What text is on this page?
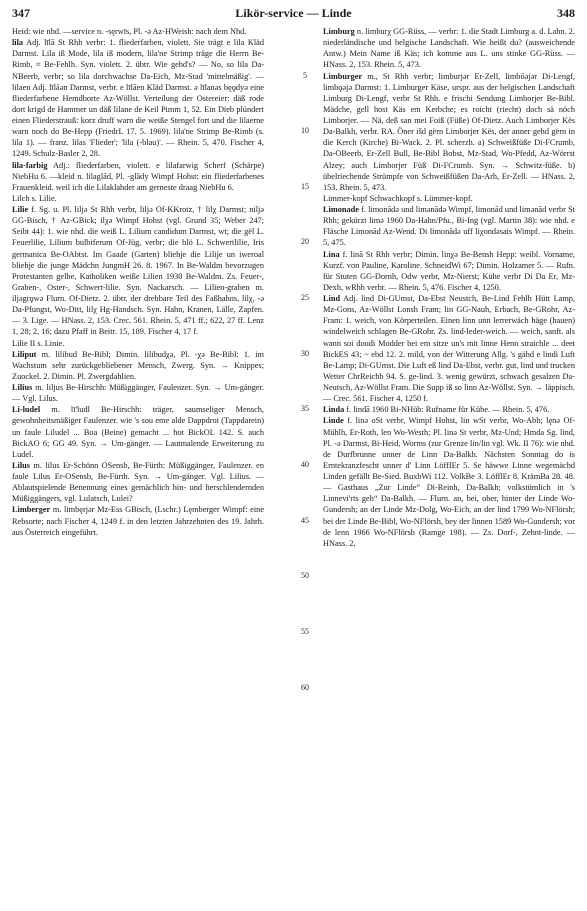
347	Likör-service — Linde	348

Heid: wie nhd. —service n. -sęrwīs, Pl. -ə Az-HWeish: nach dem Nhd.

lila Adj. līlā St Rhh verbr: 1. fliederfarben, violett. Sie trägt e lila Kläd Darmst. Lila iß Mode, lila iß modern, lila'ne Strimp träge die Herrn Be-Rimb, ≈ Be-Fehlh. Syn. violett. 2. übtr. Wie gehd's? — No, so lila Da-NBeerb, verbr; so lila dorchwachse Da-Eich, Mz-Stad 'mittelmäßig'. — lilaen Adj. līlāən Darmst, verbr. e līlāen Kläd Darmst. ə līlanəs bęǫdyə eine fliederfarbene Hemdborte Az-Wöllst. Verteilung der Ostereier: däß rode dort krigd de Hammer un däß lilane de Keil Pimm 1, 52. Ein Dieb plündert einen Fliederstrauß: korz druff warn die weiße Stengel fort und die lilaerne warn noch do Be-Hepp (FriedrL 17. 5. 1969). lila'ne Strimp Be-Rimb (s. lila 1). — franz. lilas 'Flieder'; 'lila (-blau)'. — Rhein. 5, 470. Fischer 4, 1249. Schulz-Basler 2, 28.

lila-farbig Adj.: fliederfarben, violett. e lilafarwig Scherf (Schärpe) NiebHu 6. —kleid n. lilaglād, Pl. -glādy Wimpf Hohst: ein fliederfarbenes Frauenkleid. weil ich die Lilaklahder am gerneste draag NiebHu 6.

Lilch s. Lilie.

Lilie f. Sg. u. Pl. liljə St Rhh verbr, liljə Of-KKrotz, † lilχ Darmst; niljə GG-Bisch, † Az-GBick; ilχə Wimpf Hohst (vgl. Grund 35; Weber 247; Seibt 44): 1. wie nhd. die weiß L. Lilium candidum Darmst, wt; die gël L. Feuerlilie, Lilium bulbiferum Of-Jüg, verbr; die blö L. Schwertlilie, Iris germanica Be-OAbtst. Im Gaade (Garten) bliehje die Lilije un iweroal bliehje die junge Mädchn JungmH 26. 8. 1967. In Be-Waldm bevorzugen Protestanten gelbe, Katholiken weiße Lilien 1930 Be-Waldm. Zs. Feuer-, Graben-, Oster-, Schwert-lilie. Syn. Nackarsch. — Lilien-graben m. iljəgrǫwə Flurn. Of-Dietz. 2. übtr. der drehbare Teil des Faßhahns, lilχ, -ə Da-Pfungst, Wo-Ditt, lilχ Hg-Handsch. Syn. Hahn, Kranen, Lälle, Zapfen. — 3. Lige. — HNass. 2, 153. Crec. 561. Rhein. 5, 471 ff.; 622, 27 ff. Lenz 1, 28; 2, 16; dazu Pfaff in Beitr. 15, 189. Fischer 4, 17 f.

Lilie II s. Linie.

Liliput m. lilibud Be-Bibl; Dimin. lilibudχə, Pl. -χə Be-Bibl: 1. im Wachstum sehr zurückgebliebener Mensch, Zwerg. Syn. → Knippes; Zuockel. 2. Dimin. Pl. Zwergdahlien.

Lilius m. liljus Be-Hirschh: Müßiggänger, Faulenzer. Syn. → Um-gänger. — Vgl. Lilus.

Li-ludel m. lī'ludl Be-Hirschh: träger, saumseliger Mensch, gewohnheitsmäßiger Faulenzer. wie 's sou eme alde Dappdroi (Tappdarein) un faule Liludel ... Boa (Beine) gemacht ... hot BickOL 142. S. auch BickAO 6; GG 49. Syn. → Um-gänger. — Lautmalende Erweiterung zu Ludel.

Lilus m. lilus Er-Schönn OSensb, Be-Fürth: Müßiggänger, Faulenzer. en faule Lilus Er-OSensb, Be-Fürth. Syn. → Um-gänger. Vgl. Lilius. — Ablautspielende Benennung eines gemächlich hin- und herschlendernden Müßiggängers, vgl. Lulatsch, Lulei?

Limberger m. limbęrjər Mz-Ess GBisch, (Lschr.) Lęmberger Wimpf: eine Rebsorte; nach Fischer 4, 1249 f. in den letzten Jahrzehnten des 19. Jahrh. aus Österreich eingeführt.

5
10
15
20
25
30
35
40
45
50
55
60

Limburg n. limburχ GG-Rüss, — verbr: 1. die Stadt Limburg a. d. Lahn. 2. niederländische und belgische Landschaft. Wie heißt du? (ausweichende Antw.) Mein Name iß Käs; ich komme aus L. uns stinke GG-Rüss. — HNass. 2, 153. Rhein. 5, 473.

Limburger m., St Rhh verbr; limburjər Er-Zell, limbōəjər Di-Lengf, limbǫəjə Darmst: 1. Limburger Käse, urspr. aus der belgischen Landschaft Limburg Di-Lengf, verbr St Rhh. e frischi Sendung Limborjer Be-Bibl. Mädche, gell host Käs em Kerbche; es roicht (riecht) doch sä nöch Limborjer. — Nä, deß san mei Foiß (Füße) Of-Dietz. Auch Limborjer Kës Da-Balkh, verbr. RA. Öner išd gërn Limborjer Kës, der anner gehd gërn in die Kerch (Kirche) Bi-Wack. 2. Pl. scherzh. a) Schweißfüße Di-FCrumb, Da-OBeerb, Er-Zell Bull, Be-Bibl Bobst, Mz-Stad, Wo-Pfedd, Az-Wörrst Alzey; auch Limborjer Füß Di-FCrumb. Syn. → Schwitz-füße. b) übelriechende Strümpfe von Schweißfüßen Da-Arh, Er-Zell. — HNass. 2, 153. Rhein. 5, 473.

Limmer-kopf Schwachkopf s. Lümmer-kopf.

Limonade f. limonādə und limənādə Wimpf, limonād und limənād verbr St Rhh; gekürzt limə 1960 Da-Hahn/Pfu., Bi-Ing (vgl. Martin 38): wie nhd. e Fläsche Limonād Az-Wend. Di limonādə uff liχondəsais Wimpf. — Rhein. 5, 475.

Lina f. linā St Rhh verbr; Dimin. linχə Be-Bensh Hepp: weibl. Vorname, Kurzf. von Pauline, Karoline. SchneidWi 67; Dimin. Holzamer 5. — Rufn. für Stuten GG-Dornh, Odw verbr, Mz-Nierst; Kühe verbr Di Da Er, Mz-Dexh, wRhh verbr. — Rhein. 5, 476. Fischer 4, 1250.

Lind Adj. lind Di-GUmst, Da-Ebst Neustch, Be-Lind Fehlh Hütt Lamp, Mz-Gons, Az-Wöllst Lonsh Fram; lin GG-Nauh, Erbach, Be-GRohr, Az-Fram: 1. weich, von Körperteilen. Einen linn unn lerrerwäch häge (hauen) windelweich schlagen Be-GRohr. Zs. lind-leder-weich. — weich, sanft. als wann soi doudi Modder bei em sitze un's mit linne Henn straichle ... deet BickES 43; ~ ebd 12. 2. mild, von der Witterung Allg. 's gähd e lindi Luft Be-Lamp; Di-GUmst. Die Luft eß lind Da-Ebst, verbr. gut, lind und trucken Wetter ChrReichb 94. S. ge-lind. 3. wenig gewürzt, schwach gesalzen Da-Neutsch, Az-Wöllst Fram. Die Supp iß so linn Az-Wöllst. Syn. → läppisch. — Crec. 561. Fischer 4, 1250 f.

Linda f. lindā 1960 Bi-NHüb: Rufname für Kühe. — Rhein. 5, 476.

Linde f. linə oSt verbr, Wimpf Hohst, lin wSt verbr, Wo-Abh; lęnə Of-Mühlh, Er-Roth, len Wo-Westh; Pl. linə St verbr, Mz-Und; Hmda Sg. lind, Pl. -ə Darmst, Bi-Heid, Worms (zur Grenze lin/lin vgl. Wk. II 76): wie nhd. de Durfbrunne unner de Linn Da-Balkh. Nächsten Sonntag do is Erntekranzfescht unner d' Linn LöffIEr 5. Se häwwe Linne wegemächd Linden gefällt Be-Sied. BuxbWi 112. VolkBe 3. LöfflEr 8. KrämBa 28. 48. — Gasthaus „Zur Linde“ Di-Reinh, Da-Balkh; volkstümlich in 's Linnevi'rts geh“ Da-Balkh. — Flurn. an, bei, ober, hinter der Linde Wo-Gundersh; an der Linde Mz-Dolg, Wo-Eich, an der lind 1799 Wo-NFlörsh; bei der Linde Be-Bibl, Wo-NFlörsh, bey der linnen 1589 Wo-Gundersh; vor de lenn 1966 Wo-NFlörsh (Ramge 198). — Zs. Dorf-, Zehnt-linde. — HNass. 2,
